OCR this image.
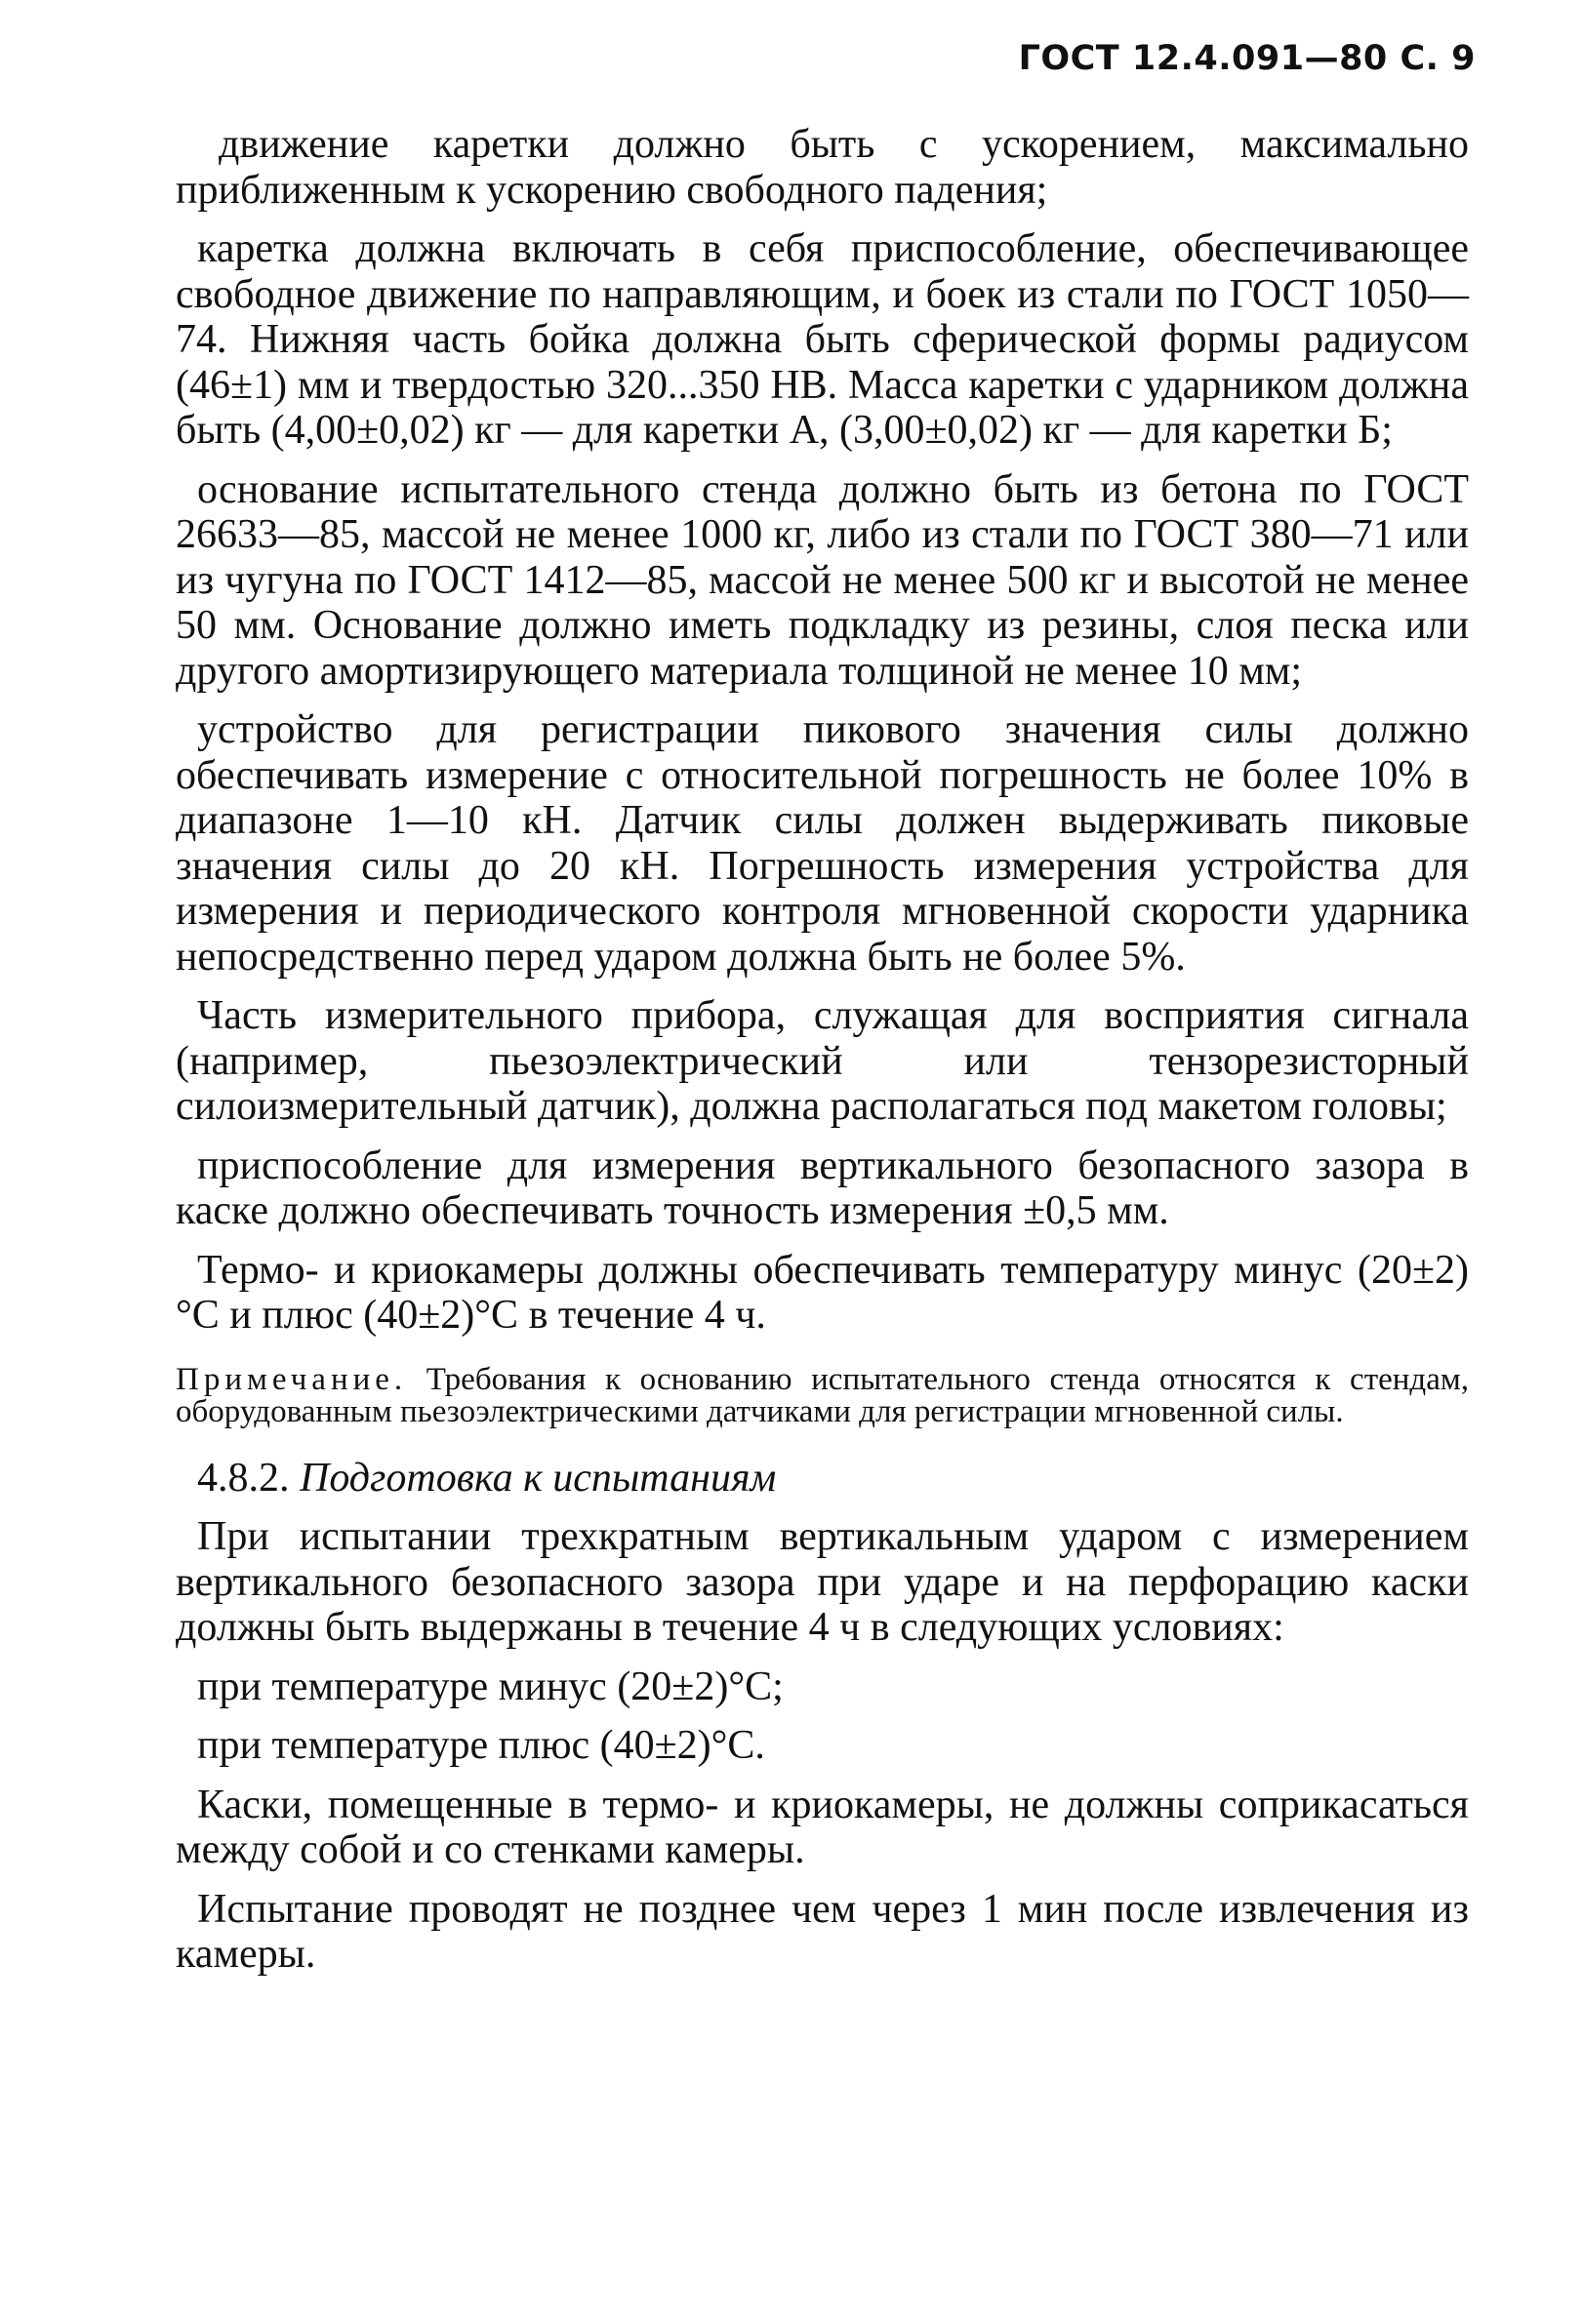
ГОСТ 12.4.091—80 С. 9

движение каретки должно быть с ускорением, максимально приближенным к ускорению свободного падения;

каретка должна включать в себя приспособление, обеспечивающее свободное движение по направляющим, и боек из стали по ГОСТ 1050—74. Нижняя часть бойка должна быть сферической формы радиусом (46±1) мм и твердостью 320...350 НВ. Масса каретки с ударником должна быть (4,00±0,02) кг — для каретки А, (3,00±0,02) кг — для каретки Б;

основание испытательного стенда должно быть из бетона по ГОСТ 26633—85, массой не менее 1000 кг, либо из стали по ГОСТ 380—71 или из чугуна по ГОСТ 1412—85, массой не менее 500 кг и высотой не менее 50 мм. Основание должно иметь подкладку из резины, слоя песка или другого амортизирующего материала толщиной не менее 10 мм;

устройство для регистрации пикового значения силы должно обеспечивать измерение с относительной погрешность не более 10% в диапазоне 1—10 кН. Датчик силы должен выдерживать пиковые значения силы до 20 кН. Погрешность измерения устройства для измерения и периодического контроля мгновенной скорости ударника непосредственно перед ударом должна быть не более 5%.

Часть измерительного прибора, служащая для восприятия сигнала (например, пьезоэлектрический или тензорезисторный силоизмерительный датчик), должна располагаться под макетом головы;

приспособление для измерения вертикального безопасного зазора в каске должно обеспечивать точность измерения ±0,5 мм.

Термо- и криокамеры должны обеспечивать температуру минус (20±2)°С и плюс (40±2)°С в течение 4 ч.

Примечание. Требования к основанию испытательного стенда относятся к стендам, оборудованным пьезоэлектрическими датчиками для регистрации мгновенной силы.

4.8.2. Подготовка к испытаниям

При испытании трехкратным вертикальным ударом с измерением вертикального безопасного зазора при ударе и на перфорацию каски должны быть выдержаны в течение 4 ч в следующих условиях:

при температуре минус (20±2)°С;

при температуре плюс (40±2)°С.

Каски, помещенные в термо- и криокамеры, не должны соприкасаться между собой и со стенками камеры.

Испытание проводят не позднее чем через 1 мин после извлечения из камеры.
